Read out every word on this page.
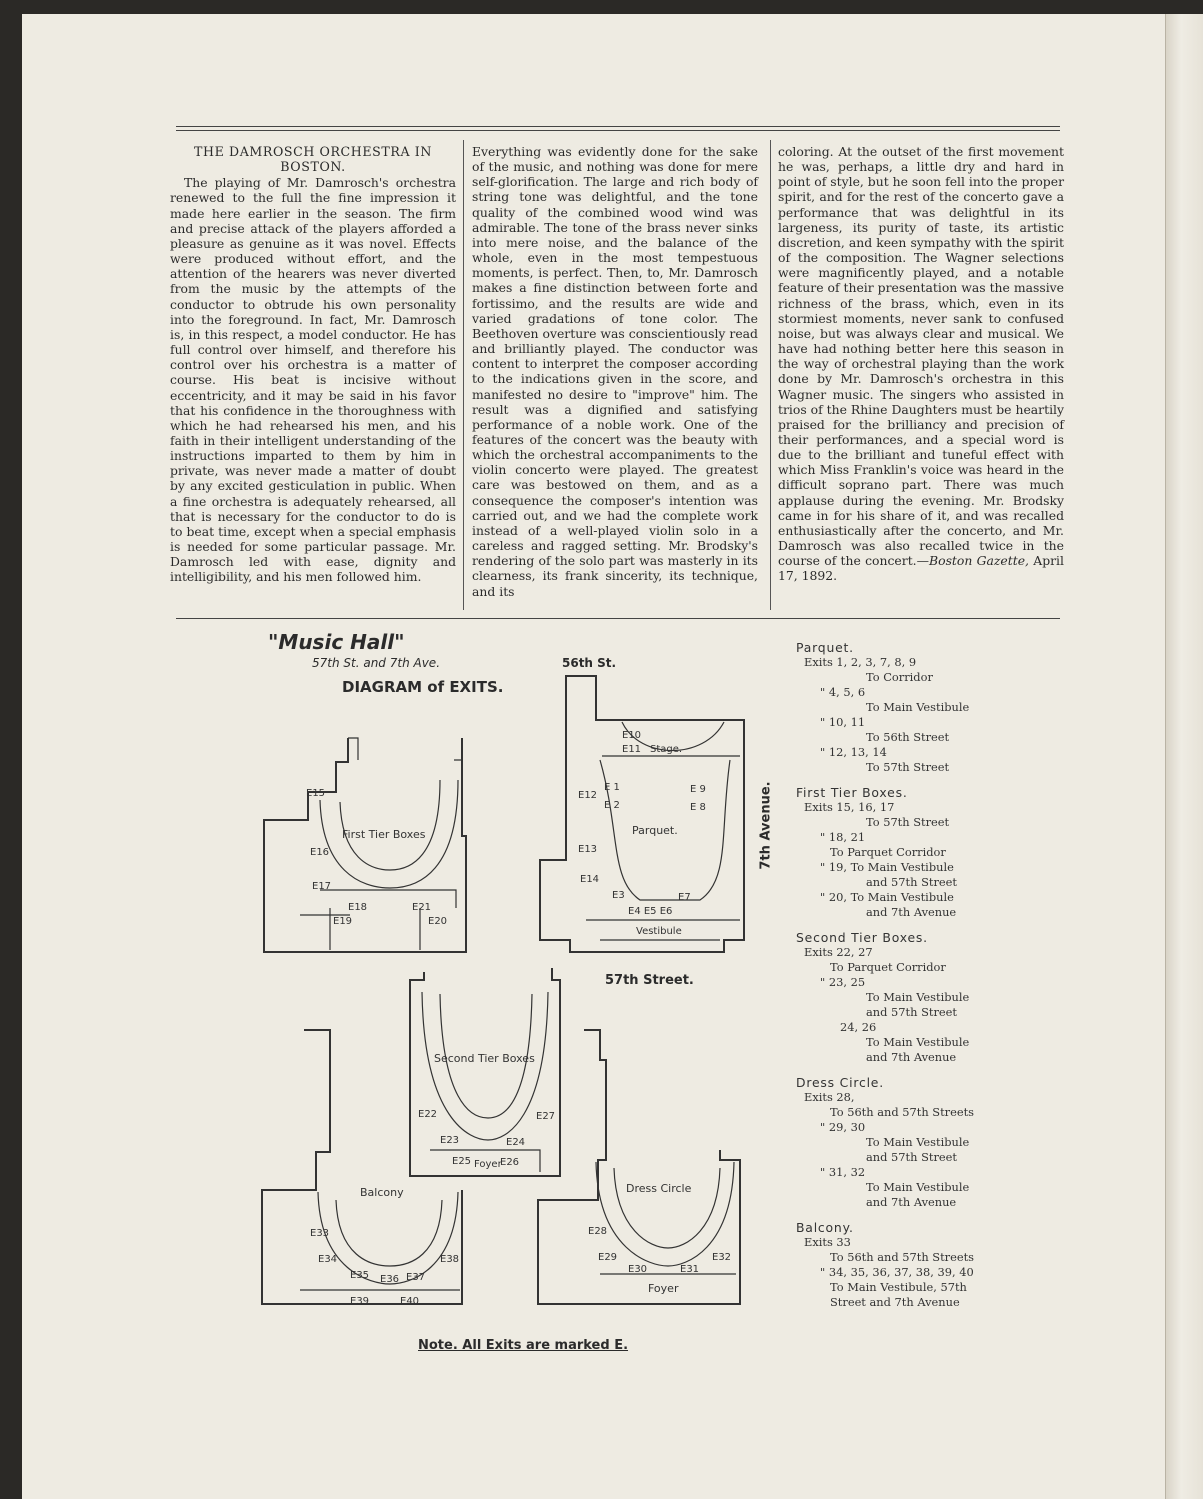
THE DAMROSCH ORCHESTRA IN BOSTON.

The playing of Mr. Damrosch's orchestra renewed to the full the fine impression it made here earlier in the season. The firm and precise attack of the players afforded a pleasure as genuine as it was novel. Effects were produced without effort, and the attention of the hearers was never diverted from the music by the attempts of the conductor to obtrude his own personality into the foreground. In fact, Mr. Damrosch is, in this respect, a model conductor. He has full control over himself, and therefore his control over his orchestra is a matter of course. His beat is incisive without eccentricity, and it may be said in his favor that his confidence in the thoroughness with which he had rehearsed his men, and his faith in their intelligent understanding of the instructions imparted to them by him in private, was never made a matter of doubt by any excited gesticulation in public. When a fine orchestra is adequately rehearsed, all that is necessary for the conductor to do is to beat time, except when a special emphasis is needed for some particular passage. Mr. Damrosch led with ease, dignity and intelligibility, and his men followed him.

Everything was evidently done for the sake of the music, and nothing was done for mere self-glorification. The large and rich body of string tone was delightful, and the tone quality of the combined wood wind was admirable. The tone of the brass never sinks into mere noise, and the balance of the whole, even in the most tempestuous moments, is perfect. Then, to, Mr. Damrosch makes a fine distinction between forte and fortissimo, and the results are wide and varied gradations of tone color. The Beethoven overture was conscientiously read and brilliantly played. The conductor was content to interpret the composer according to the indications given in the score, and manifested no desire to "improve" him. The result was a dignified and satisfying performance of a noble work. One of the features of the concert was the beauty with which the orchestral accompaniments to the violin concerto were played. The greatest care was bestowed on them, and as a consequence the composer's intention was carried out, and we had the complete work instead of a well-played violin solo in a careless and ragged setting. Mr. Brodsky's rendering of the solo part was masterly in its clearness, its frank sincerity, its technique, and its

coloring. At the outset of the first movement he was, perhaps, a little dry and hard in point of style, but he soon fell into the proper spirit, and for the rest of the concerto gave a performance that was delightful in its largeness, its purity of taste, its artistic discretion, and keen sympathy with the spirit of the composition. The Wagner selections were magnificently played, and a notable feature of their presentation was the massive richness of the brass, which, even in its stormiest moments, never sank to confused noise, but was always clear and musical. We have had nothing better here this season in the way of orchestral playing than the work done by Mr. Damrosch's orchestra in this Wagner music. The singers who assisted in trios of the Rhine Daughters must be heartily praised for the brilliancy and precision of their performances, and a special word is due to the brilliant and tuneful effect with which Miss Franklin's voice was heard in the difficult soprano part. There was much applause during the evening. Mr. Brodsky came in for his share of it, and was recalled enthusiastically after the concerto, and Mr. Damrosch was also recalled twice in the course of the concert.—Boston Gazette, April 17, 1892.

"Music Hall"
57th St. and 7th Ave.
DIAGRAM of EXITS.
56th St.
57th Street.
7th Avenue.
Note. All Exits are marked E.
First Tier Boxes
E15
E16
E17
E18
E19	E20
E21
Parquet.
Stage.
Vestibule
E10
E11
E 1
E 2
E 9
E 8
E12
E13
E14
E3	E7
E4 E5 E6
Second Tier Boxes
E22	E27
E23	E24
E25	E26
Foyer
Balcony
E33
E34
E35 E36 E37
E38
E39	E40
Dress Circle
Foyer
E28
E29
E30	E31
E32
Parquet.
Exits 1, 2, 3, 7, 8, 9
To Corridor
" 4, 5, 6
To Main Vestibule
" 10, 11
To 56th Street
" 12, 13, 14
To 57th Street
First Tier Boxes.
Exits 15, 16, 17
To 57th Street
" 18, 21
To Parquet Corridor
" 19, To Main Vestibule
and 57th Street
" 20, To Main Vestibule
and 7th Avenue
Second Tier Boxes.
Exits 22, 27
To Parquet Corridor
" 23, 25
To Main Vestibule
and 57th Street
24, 26
To Main Vestibule
and 7th Avenue
Dress Circle.
Exits 28,
To 56th and 57th Streets
" 29, 30
To Main Vestibule
and 57th Street
" 31, 32
To Main Vestibule
and 7th Avenue
Balcony.
Exits 33
To 56th and 57th Streets
" 34, 35, 36, 37, 38, 39, 40
To Main Vestibule, 57th
Street and 7th Avenue
